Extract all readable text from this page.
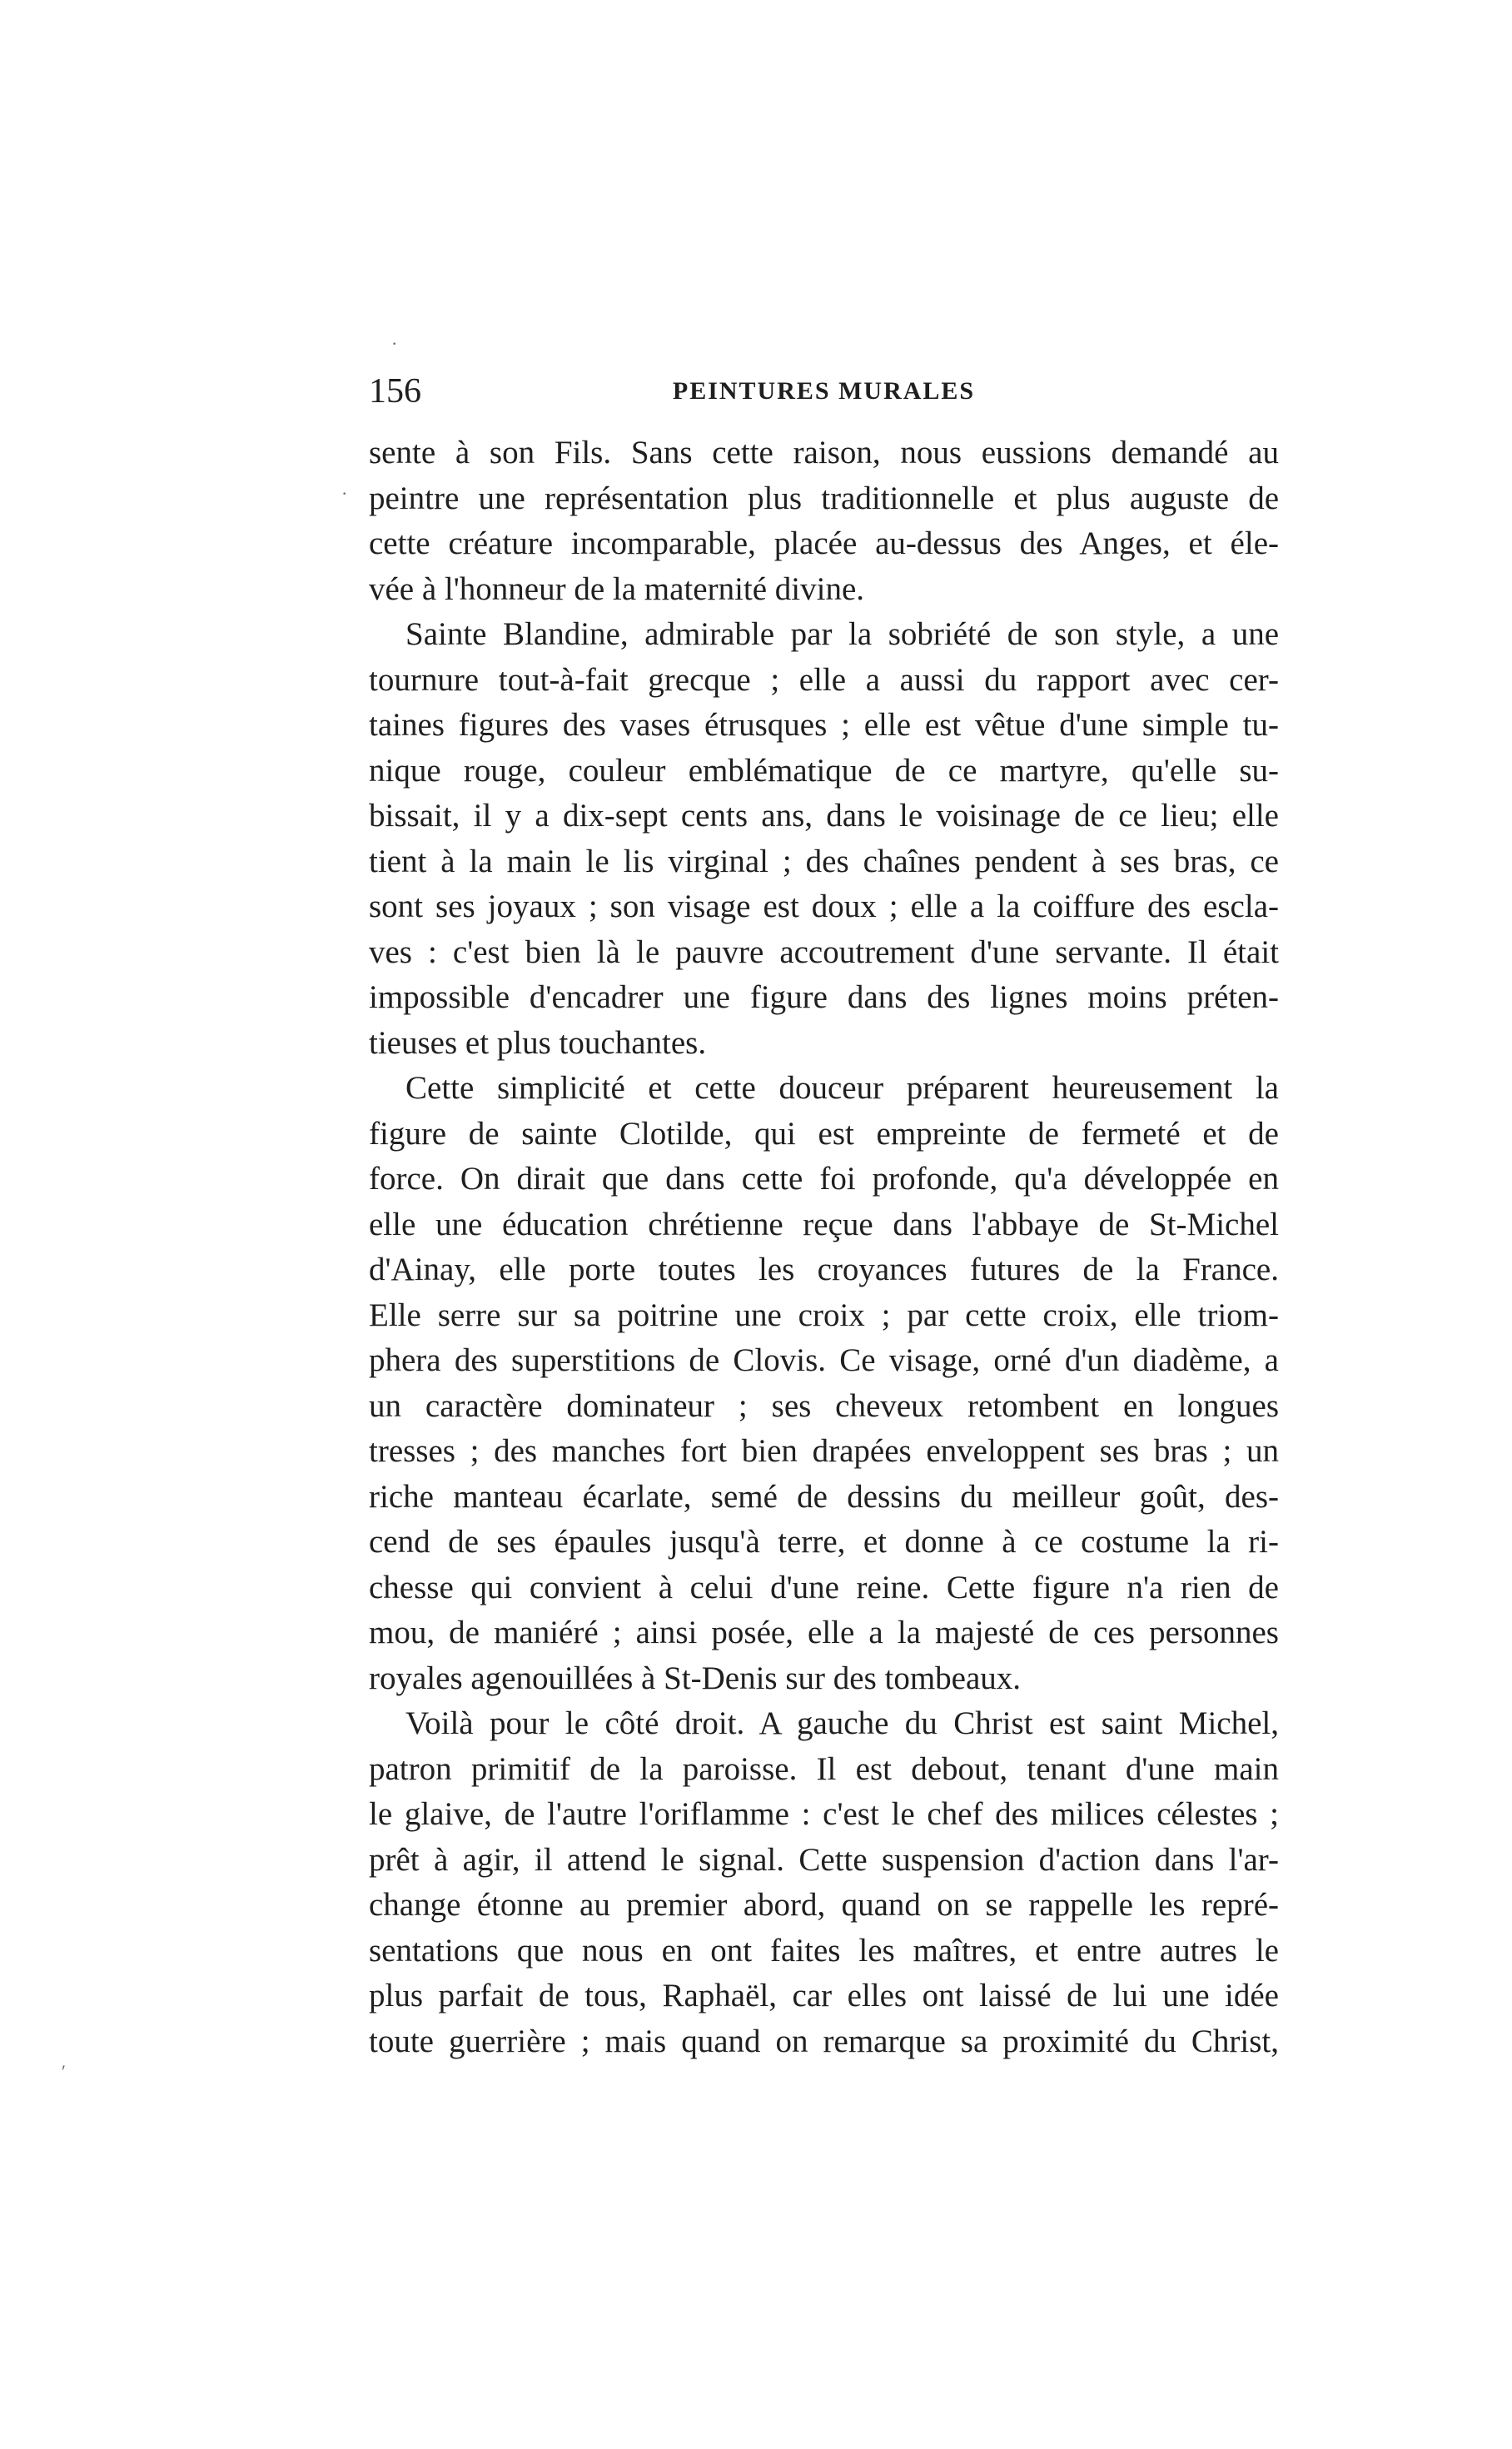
156	PEINTURES MURALES
sente à son Fils. Sans cette raison, nous eussions demandé au
peintre une représentation plus traditionnelle et plus auguste de
cette créature incomparable, placée au-dessus des Anges, et éle-
vée à l'honneur de la maternité divine.
Sainte Blandine, admirable par la sobriété de son style, a une
tournure tout-à-fait grecque ; elle a aussi du rapport avec cer-
taines figures des vases étrusques ; elle est vêtue d'une simple tu-
nique rouge, couleur emblématique de ce martyre, qu'elle su-
bissait, il y a dix-sept cents ans, dans le voisinage de ce lieu; elle
tient à la main le lis virginal ; des chaînes pendent à ses bras, ce
sont ses joyaux ; son visage est doux ; elle a la coiffure des escla-
ves : c'est bien là le pauvre accoutrement d'une servante. Il était
impossible d'encadrer une figure dans des lignes moins préten-
tieuses et plus touchantes.
Cette simplicité et cette douceur préparent heureusement la
figure de sainte Clotilde, qui est empreinte de fermeté et de
force. On dirait que dans cette foi profonde, qu'a développée en
elle une éducation chrétienne reçue dans l'abbaye de St-Michel
d'Ainay, elle porte toutes les croyances futures de la France.
Elle serre sur sa poitrine une croix ; par cette croix, elle triom-
phera des superstitions de Clovis. Ce visage, orné d'un diadème, a
un caractère dominateur ; ses cheveux retombent en longues
tresses ; des manches fort bien drapées enveloppent ses bras ; un
riche manteau écarlate, semé de dessins du meilleur goût, des-
cend de ses épaules jusqu'à terre, et donne à ce costume la ri-
chesse qui convient à celui d'une reine. Cette figure n'a rien de
mou, de maniéré ; ainsi posée, elle a la majesté de ces personnes
royales agenouillées à St-Denis sur des tombeaux.
Voilà pour le côté droit. A gauche du Christ est saint Michel,
patron primitif de la paroisse. Il est debout, tenant d'une main
le glaive, de l'autre l'oriflamme : c'est le chef des milices célestes ;
prêt à agir, il attend le signal. Cette suspension d'action dans l'ar-
change étonne au premier abord, quand on se rappelle les repré-
sentations que nous en ont faites les maîtres, et entre autres le
plus parfait de tous, Raphaël, car elles ont laissé de lui une idée
toute guerrière ; mais quand on remarque sa proximité du Christ,
·
·
′
